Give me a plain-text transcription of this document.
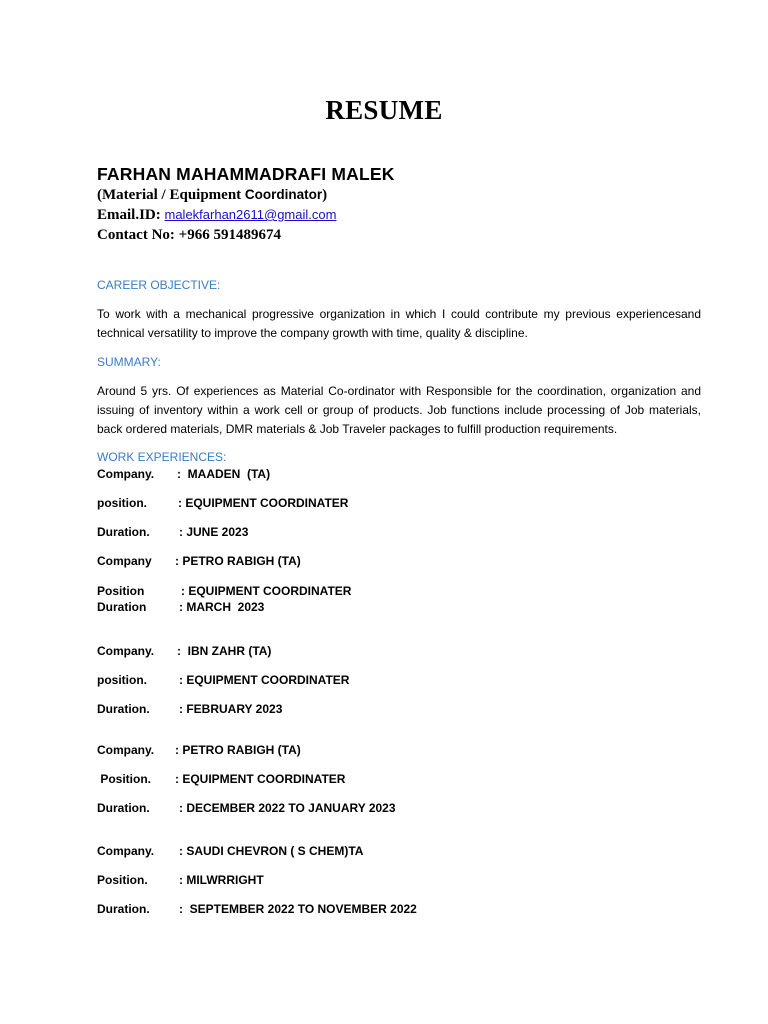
RESUME
FARHAN MAHAMMADRAFI MALEK
(Material / Equipment Coordinator)
Email.ID: malekfarhan2611@gmail.com
Contact No: +966 591489674
CAREER OBJECTIVE:
To work with a mechanical progressive organization in which I could contribute my previous experiencesand technical versatility to improve the company growth with time, quality & discipline.
SUMMARY:
Around 5 yrs. Of experiences as Material Co-ordinator with Responsible for the coordination, organization and issuing of inventory within a work cell or group of products. Job functions include processing of Job materials, back ordered materials, DMR materials & Job Traveler packages to fulfill production requirements.
WORK EXPERIENCES:
Company. :  MAADEN  (TA)
position.	: EQUIPMENT COORDINATER
Duration. : JUNE 2023
Company : PETRO RABIGH (TA)
Position	: EQUIPMENT COORDINATER
Duration	: MARCH  2023
Company. :  IBN ZAHR (TA)
position.	: EQUIPMENT COORDINATER
Duration. : FEBRUARY 2023
Company. : PETRO RABIGH (TA)
Position. : EQUIPMENT COORDINATER
Duration. : DECEMBER 2022 TO JANUARY 2023
Company. : SAUDI CHEVRON ( S CHEM)TA
Position.	: MILWRRIGHT
Duration. :  SEPTEMBER 2022 TO NOVEMBER 2022
